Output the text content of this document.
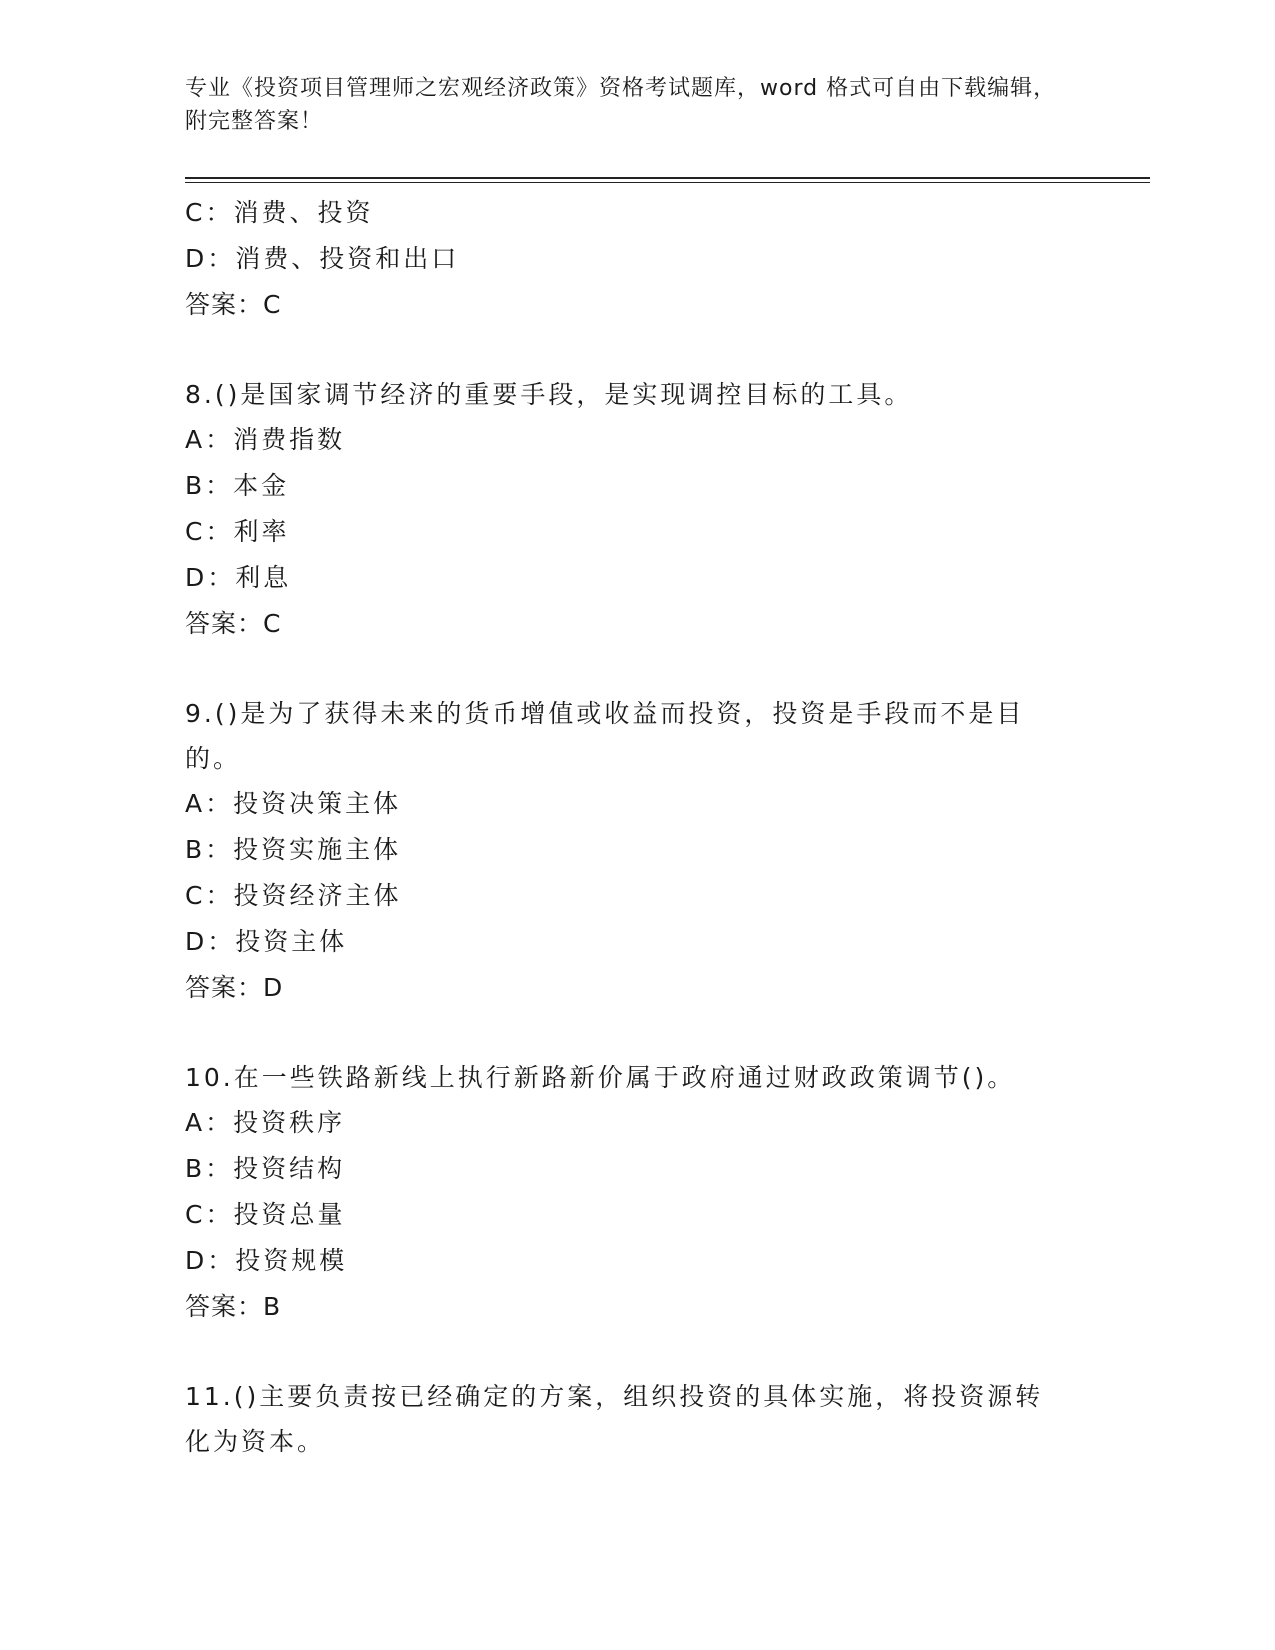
专业《投资项目管理师之宏观经济政策》资格考试题库，word 格式可自由下载编辑，附完整答案！
C：消费、投资
D：消费、投资和出口
答案：C
8.()是国家调节经济的重要手段，是实现调控目标的工具。
A：消费指数
B：本金
C：利率
D：利息
答案：C
9.()是为了获得未来的货币增值或收益而投资，投资是手段而不是目的。
A：投资决策主体
B：投资实施主体
C：投资经济主体
D：投资主体
答案：D
10.在一些铁路新线上执行新路新价属于政府通过财政政策调节()。
A：投资秩序
B：投资结构
C：投资总量
D：投资规模
答案：B
11.()主要负责按已经确定的方案，组织投资的具体实施，将投资源转化为资本。
